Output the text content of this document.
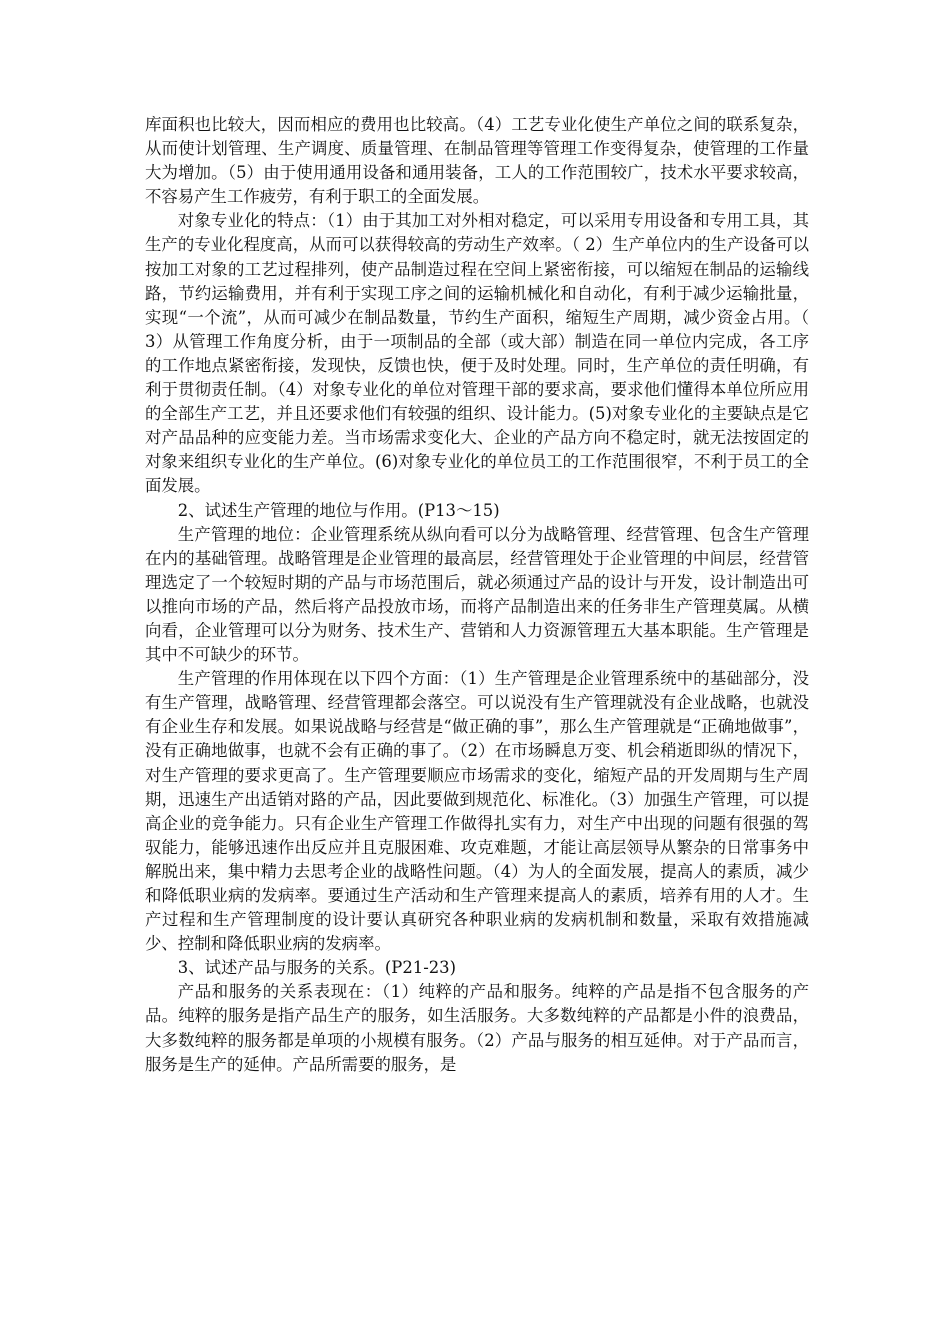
库面积也比较大，因而相应的费用也比较高。（4）工艺专业化使生产单位之间的联系复杂，从而使计划管理、生产调度、质量管理、在制品管理等管理工作变得复杂，使管理的工作量大为增加。（5）由于使用通用设备和通用装备，工人的工作范围较广，技术水平要求较高，不容易产生工作疲劳，有利于职工的全面发展。

对象专业化的特点：（1）由于其加工对外相对稳定，可以采用专用设备和专用工具，其生产的专业化程度高，从而可以获得较高的劳动生产效率。（ 2）生产单位内的生产设备可以按加工对象的工艺过程排列，使产品制造过程在空间上紧密衔接，可以缩短在制品的运输线路，节约运输费用，并有利于实现工序之间的运输机械化和自动化，有利于减少运输批量，实现“一个流”，从而可减少在制品数量，节约生产面积，缩短生产周期，减少资金占用。（ 3）从管理工作角度分析，由于一项制品的全部（或大部）制造在同一单位内完成，各工序的工作地点紧密衔接，发现快，反馈也快，便于及时处理。同时，生产单位的责任明确，有利于贯彻责任制。（4）对象专业化的单位对管理干部的要求高，要求他们懂得本单位所应用的全部生产工艺，并且还要求他们有较强的组织、设计能力。(5)对象专业化的主要缺点是它对产品品种的应变能力差。当市场需求变化大、企业的产品方向不稳定时，就无法按固定的对象来组织专业化的生产单位。(6)对象专业化的单位员工的工作范围很窄，不利于员工的全面发展。

2、试述生产管理的地位与作用。(P13～15)

生产管理的地位：企业管理系统从纵向看可以分为战略管理、经营管理、包含生产管理在内的基础管理。战略管理是企业管理的最高层，经营管理处于企业管理的中间层，经营管理选定了一个较短时期的产品与市场范围后，就必须通过产品的设计与开发，设计制造出可以推向市场的产品，然后将产品投放市场，而将产品制造出来的任务非生产管理莫属。从横向看，企业管理可以分为财务、技术生产、营销和人力资源管理五大基本职能。生产管理是其中不可缺少的环节。

生产管理的作用体现在以下四个方面：（1）生产管理是企业管理系统中的基础部分，没有生产管理，战略管理、经营管理都会落空。可以说没有生产管理就没有企业战略，也就没有企业生存和发展。如果说战略与经营是“做正确的事”，那么生产管理就是“正确地做事”，没有正确地做事，也就不会有正确的事了。（2）在市场瞬息万变、机会稍逝即纵的情况下，对生产管理的要求更高了。生产管理要顺应市场需求的变化，缩短产品的开发周期与生产周期，迅速生产出适销对路的产品，因此要做到规范化、标准化。（3）加强生产管理，可以提高企业的竞争能力。只有企业生产管理工作做得扎实有力，对生产中出现的问题有很强的驾驭能力，能够迅速作出反应并且克服困难、攻克难题，才能让高层领导从繁杂的日常事务中解脱出来，集中精力去思考企业的战略性问题。（4）为人的全面发展，提高人的素质，减少和降低职业病的发病率。要通过生产活动和生产管理来提高人的素质，培养有用的人才。生产过程和生产管理制度的设计要认真研究各种职业病的发病机制和数量，采取有效措施减少、控制和降低职业病的发病率。

3、试述产品与服务的关系。(P21-23)

产品和服务的关系表现在：（1）纯粹的产品和服务。纯粹的产品是指不包含服务的产品。纯粹的服务是指产品生产的服务，如生活服务。大多数纯粹的产品都是小件的浪费品，大多数纯粹的服务都是单项的小规模有服务。（2）产品与服务的相互延伸。对于产品而言，服务是生产的延伸。产品所需要的服务，是
